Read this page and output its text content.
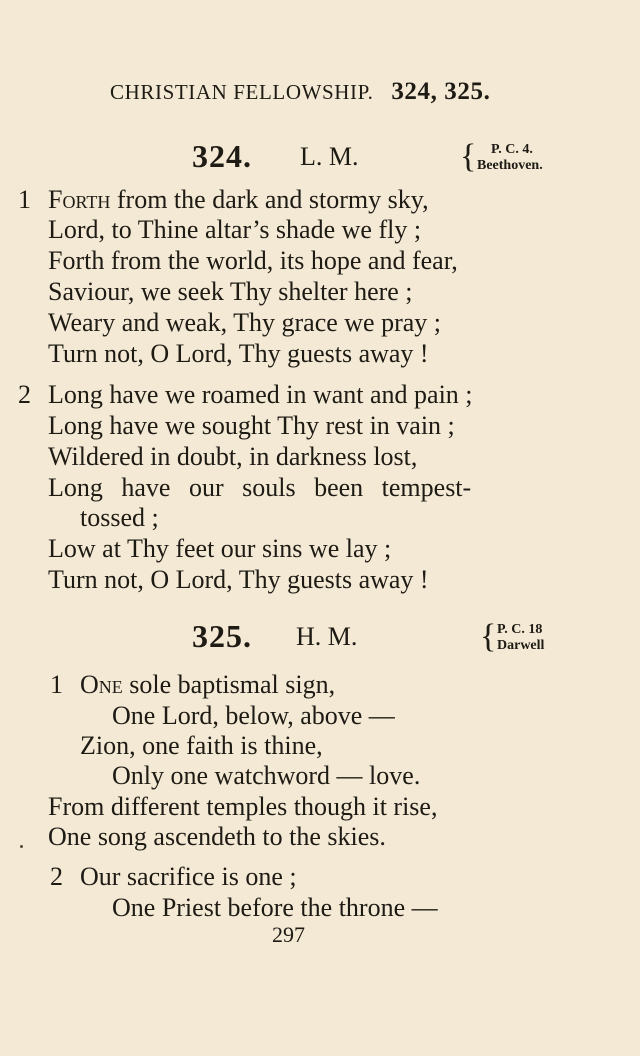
CHRISTIAN FELLOWSHIP. 324, 325.
324. L. M.	{	P. C. 4.
Beethoven.
1 Forth from the dark and stormy sky,
Lord, to Thine altar’s shade we fly ;
Forth from the world, its hope and fear,
Saviour, we seek Thy shelter here ;
Weary and weak, Thy grace we pray ;
Turn not, O Lord, Thy guests away !
2 Long have we roamed in want and pain ;
Long have we sought Thy rest in vain ;
Wildered in doubt, in darkness lost,
Long have our souls been tempest-
tossed ;
Low at Thy feet our sins we lay ;
Turn not, O Lord, Thy guests away !
325. H. M.	{ P. C. 18
Darwell
1 One sole baptismal sign,
One Lord, below, above —
Zion, one faith is thine,
Only one watchword — love.
From different temples though it rise,
One song ascendeth to the skies.
2 Our sacrifice is one ;
One Priest before the throne —
297
